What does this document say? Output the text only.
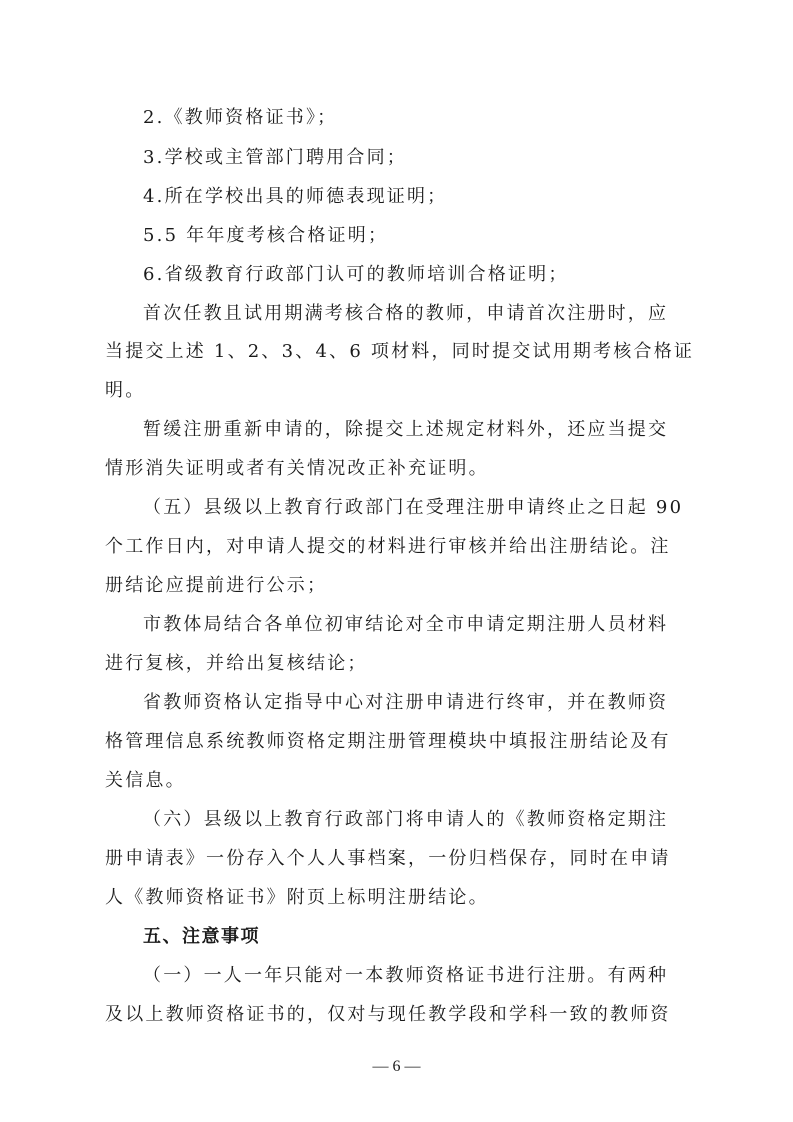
2.《教师资格证书》；
3.学校或主管部门聘用合同；
4.所在学校出具的师德表现证明；
5.5 年年度考核合格证明；
6.省级教育行政部门认可的教师培训合格证明；
首次任教且试用期满考核合格的教师，申请首次注册时，应
当提交上述 1、2、3、4、6 项材料，同时提交试用期考核合格证
明。
暂缓注册重新申请的，除提交上述规定材料外，还应当提交
情形消失证明或者有关情况改正补充证明。
（五）县级以上教育行政部门在受理注册申请终止之日起 90
个工作日内，对申请人提交的材料进行审核并给出注册结论。注
册结论应提前进行公示；
市教体局结合各单位初审结论对全市申请定期注册人员材料
进行复核，并给出复核结论；
省教师资格认定指导中心对注册申请进行终审，并在教师资
格管理信息系统教师资格定期注册管理模块中填报注册结论及有
关信息。
（六）县级以上教育行政部门将申请人的《教师资格定期注
册申请表》一份存入个人人事档案，一份归档保存，同时在申请
人《教师资格证书》附页上标明注册结论。
五、注意事项
（一）一人一年只能对一本教师资格证书进行注册。有两种
及以上教师资格证书的，仅对与现任教学段和学科一致的教师资
— 6 —
